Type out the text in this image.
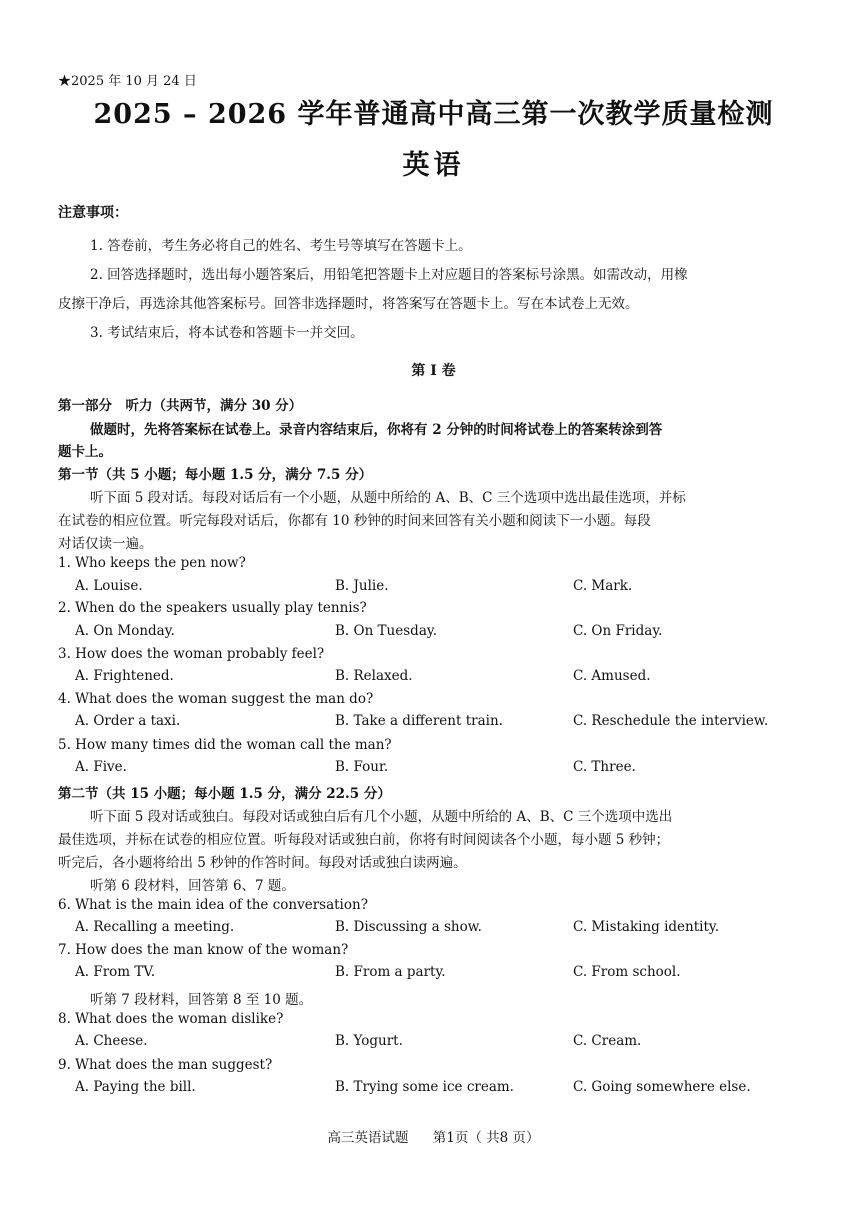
★2025 年 10 月 24 日
2025 – 2026 学年普通高中高三第一次教学质量检测
英语
注意事项：
1. 答卷前，考生务必将自己的姓名、考生号等填写在答题卡上。
2. 回答选择题时，选出每小题答案后，用铅笔把答题卡上对应题目的答案标号涂黑。如需改动，用橡
皮擦干净后，再选涂其他答案标号。回答非选择题时，将答案写在答题卡上。写在本试卷上无效。
3. 考试结束后，将本试卷和答题卡一并交回。
第 I 卷
第一部分　听力（共两节，满分 30 分）
做题时，先将答案标在试卷上。录音内容结束后，你将有 2 分钟的时间将试卷上的答案转涂到答
题卡上。
第一节（共 5 小题；每小题 1.5 分，满分 7.5 分）
听下面 5 段对话。每段对话后有一个小题，从题中所给的 A、B、C 三个选项中选出最佳选项，并标
在试卷的相应位置。听完每段对话后，你都有 10 秒钟的时间来回答有关小题和阅读下一小题。每段
对话仅读一遍。
1. Who keeps the pen now?
A. Louise.	B. Julie.	C. Mark.
2. When do the speakers usually play tennis?
A. On Monday.	B. On Tuesday.	C. On Friday.
3. How does the woman probably feel?
A. Frightened.	B. Relaxed.	C. Amused.
4. What does the woman suggest the man do?
A. Order a taxi.	B. Take a different train.	C. Reschedule the interview.
5. How many times did the woman call the man?
A. Five.	B. Four.	C. Three.
第二节（共 15 小题；每小题 1.5 分，满分 22.5 分）
听下面 5 段对话或独白。每段对话或独白后有几个小题，从题中所给的 A、B、C 三个选项中选出
最佳选项，并标在试卷的相应位置。听每段对话或独白前，你将有时间阅读各个小题，每小题 5 秒钟；
听完后，各小题将给出 5 秒钟的作答时间。每段对话或独白读两遍。
听第 6 段材料，回答第 6、7 题。
6. What is the main idea of the conversation?
A. Recalling a meeting.	B. Discussing a show.	C. Mistaking identity.
7. How does the man know of the woman?
A. From TV.	B. From a party.	C. From school.
听第 7 段材料，回答第 8 至 10 题。
8. What does the woman dislike?
A. Cheese.	B. Yogurt.	C. Cream.
9. What does the man suggest?
A. Paying the bill.	B. Trying some ice cream.	C. Going somewhere else.
高三英语试题 第1页（ 共8 页）
